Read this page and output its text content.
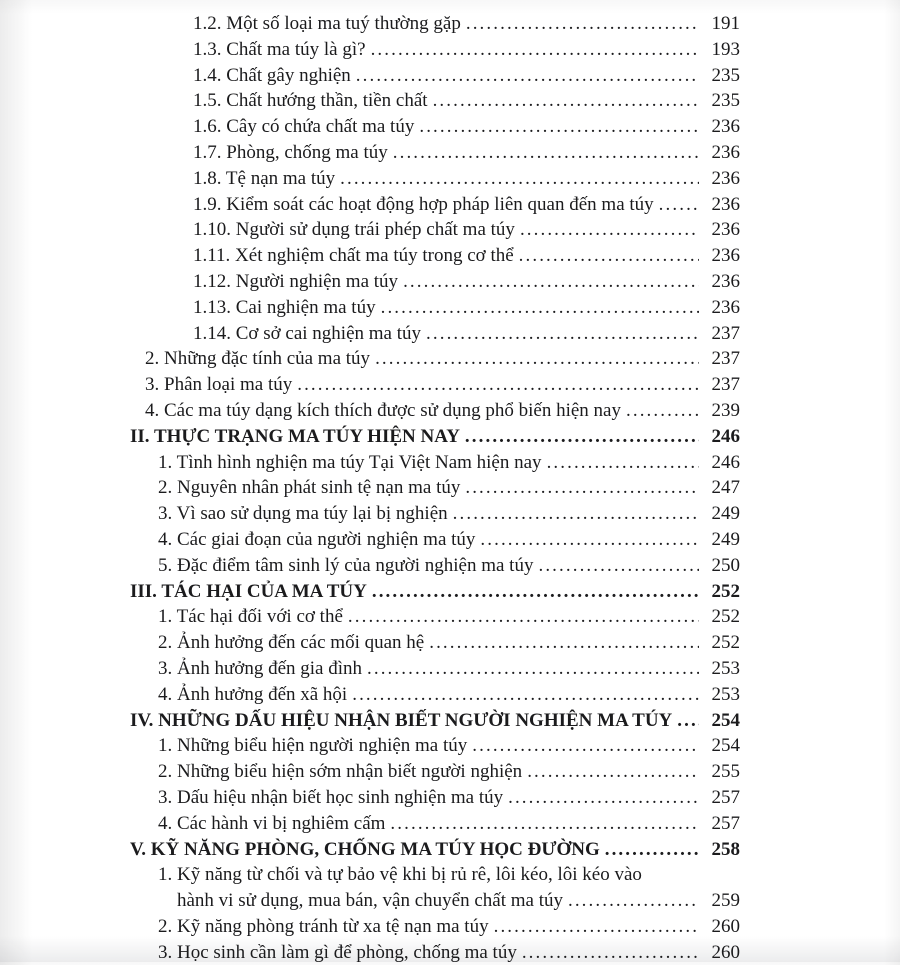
1.2. Một số loại ma tuý thường gặp .....	191
1.3. Chất ma túy là gì? .....	193
1.4. Chất gây nghiện .....	235
1.5. Chất hướng thần, tiền chất .....	235
1.6. Cây có chứa chất ma túy .....	236
1.7. Phòng, chống ma túy .....	236
1.8. Tệ nạn ma túy .....	236
1.9. Kiểm soát các hoạt động hợp pháp liên quan đến ma túy .....	236
1.10. Người sử dụng trái phép chất ma túy .....	236
1.11. Xét nghiệm chất ma túy trong cơ thể .....	236
1.12. Người nghiện ma túy .....	236
1.13. Cai nghiện ma túy .....	236
1.14. Cơ sở cai nghiện ma túy .....	237
2. Những đặc tính của ma túy .....	237
3. Phân loại ma túy .....	237
4. Các ma túy dạng kích thích được sử dụng phổ biến hiện nay .....	239
II. THỰC TRẠNG MA TÚY HIỆN NAY .....	246
1. Tình hình nghiện ma túy Tại Việt Nam hiện nay .....	246
2. Nguyên nhân phát sinh tệ nạn ma túy .....	247
3. Vì sao sử dụng ma túy lại bị nghiện .....	249
4. Các giai đoạn của người nghiện ma túy .....	249
5. Đặc điểm tâm sinh lý của người nghiện ma túy .....	250
III. TÁC HẠI CỦA MA TÚY .....	252
1. Tác hại đối với cơ thể .....	252
2. Ảnh hưởng đến các mối quan hệ .....	252
3. Ảnh hưởng đến gia đình .....	253
4. Ảnh hưởng đến xã hội .....	253
IV. NHỮNG DẤU HIỆU NHẬN BIẾT NGƯỜI NGHIỆN MA TÚY .....	254
1. Những biểu hiện người nghiện ma túy .....	254
2. Những biểu hiện sớm nhận biết người nghiện .....	255
3. Dấu hiệu nhận biết học sinh nghiện ma túy .....	257
4. Các hành vi bị nghiêm cấm .....	257
V. KỸ NĂNG PHÒNG, CHỐNG MA TÚY HỌC ĐƯỜNG .....	258
1. Kỹ năng từ chối và tự bảo vệ khi bị rủ rê, lôi kéo, lôi kéo vào
hành vi sử dụng, mua bán, vận chuyển chất ma túy .....	259
2. Kỹ năng phòng tránh từ xa tệ nạn ma túy .....	260
3. Học sinh cần làm gì để phòng, chống ma túy .....	260
